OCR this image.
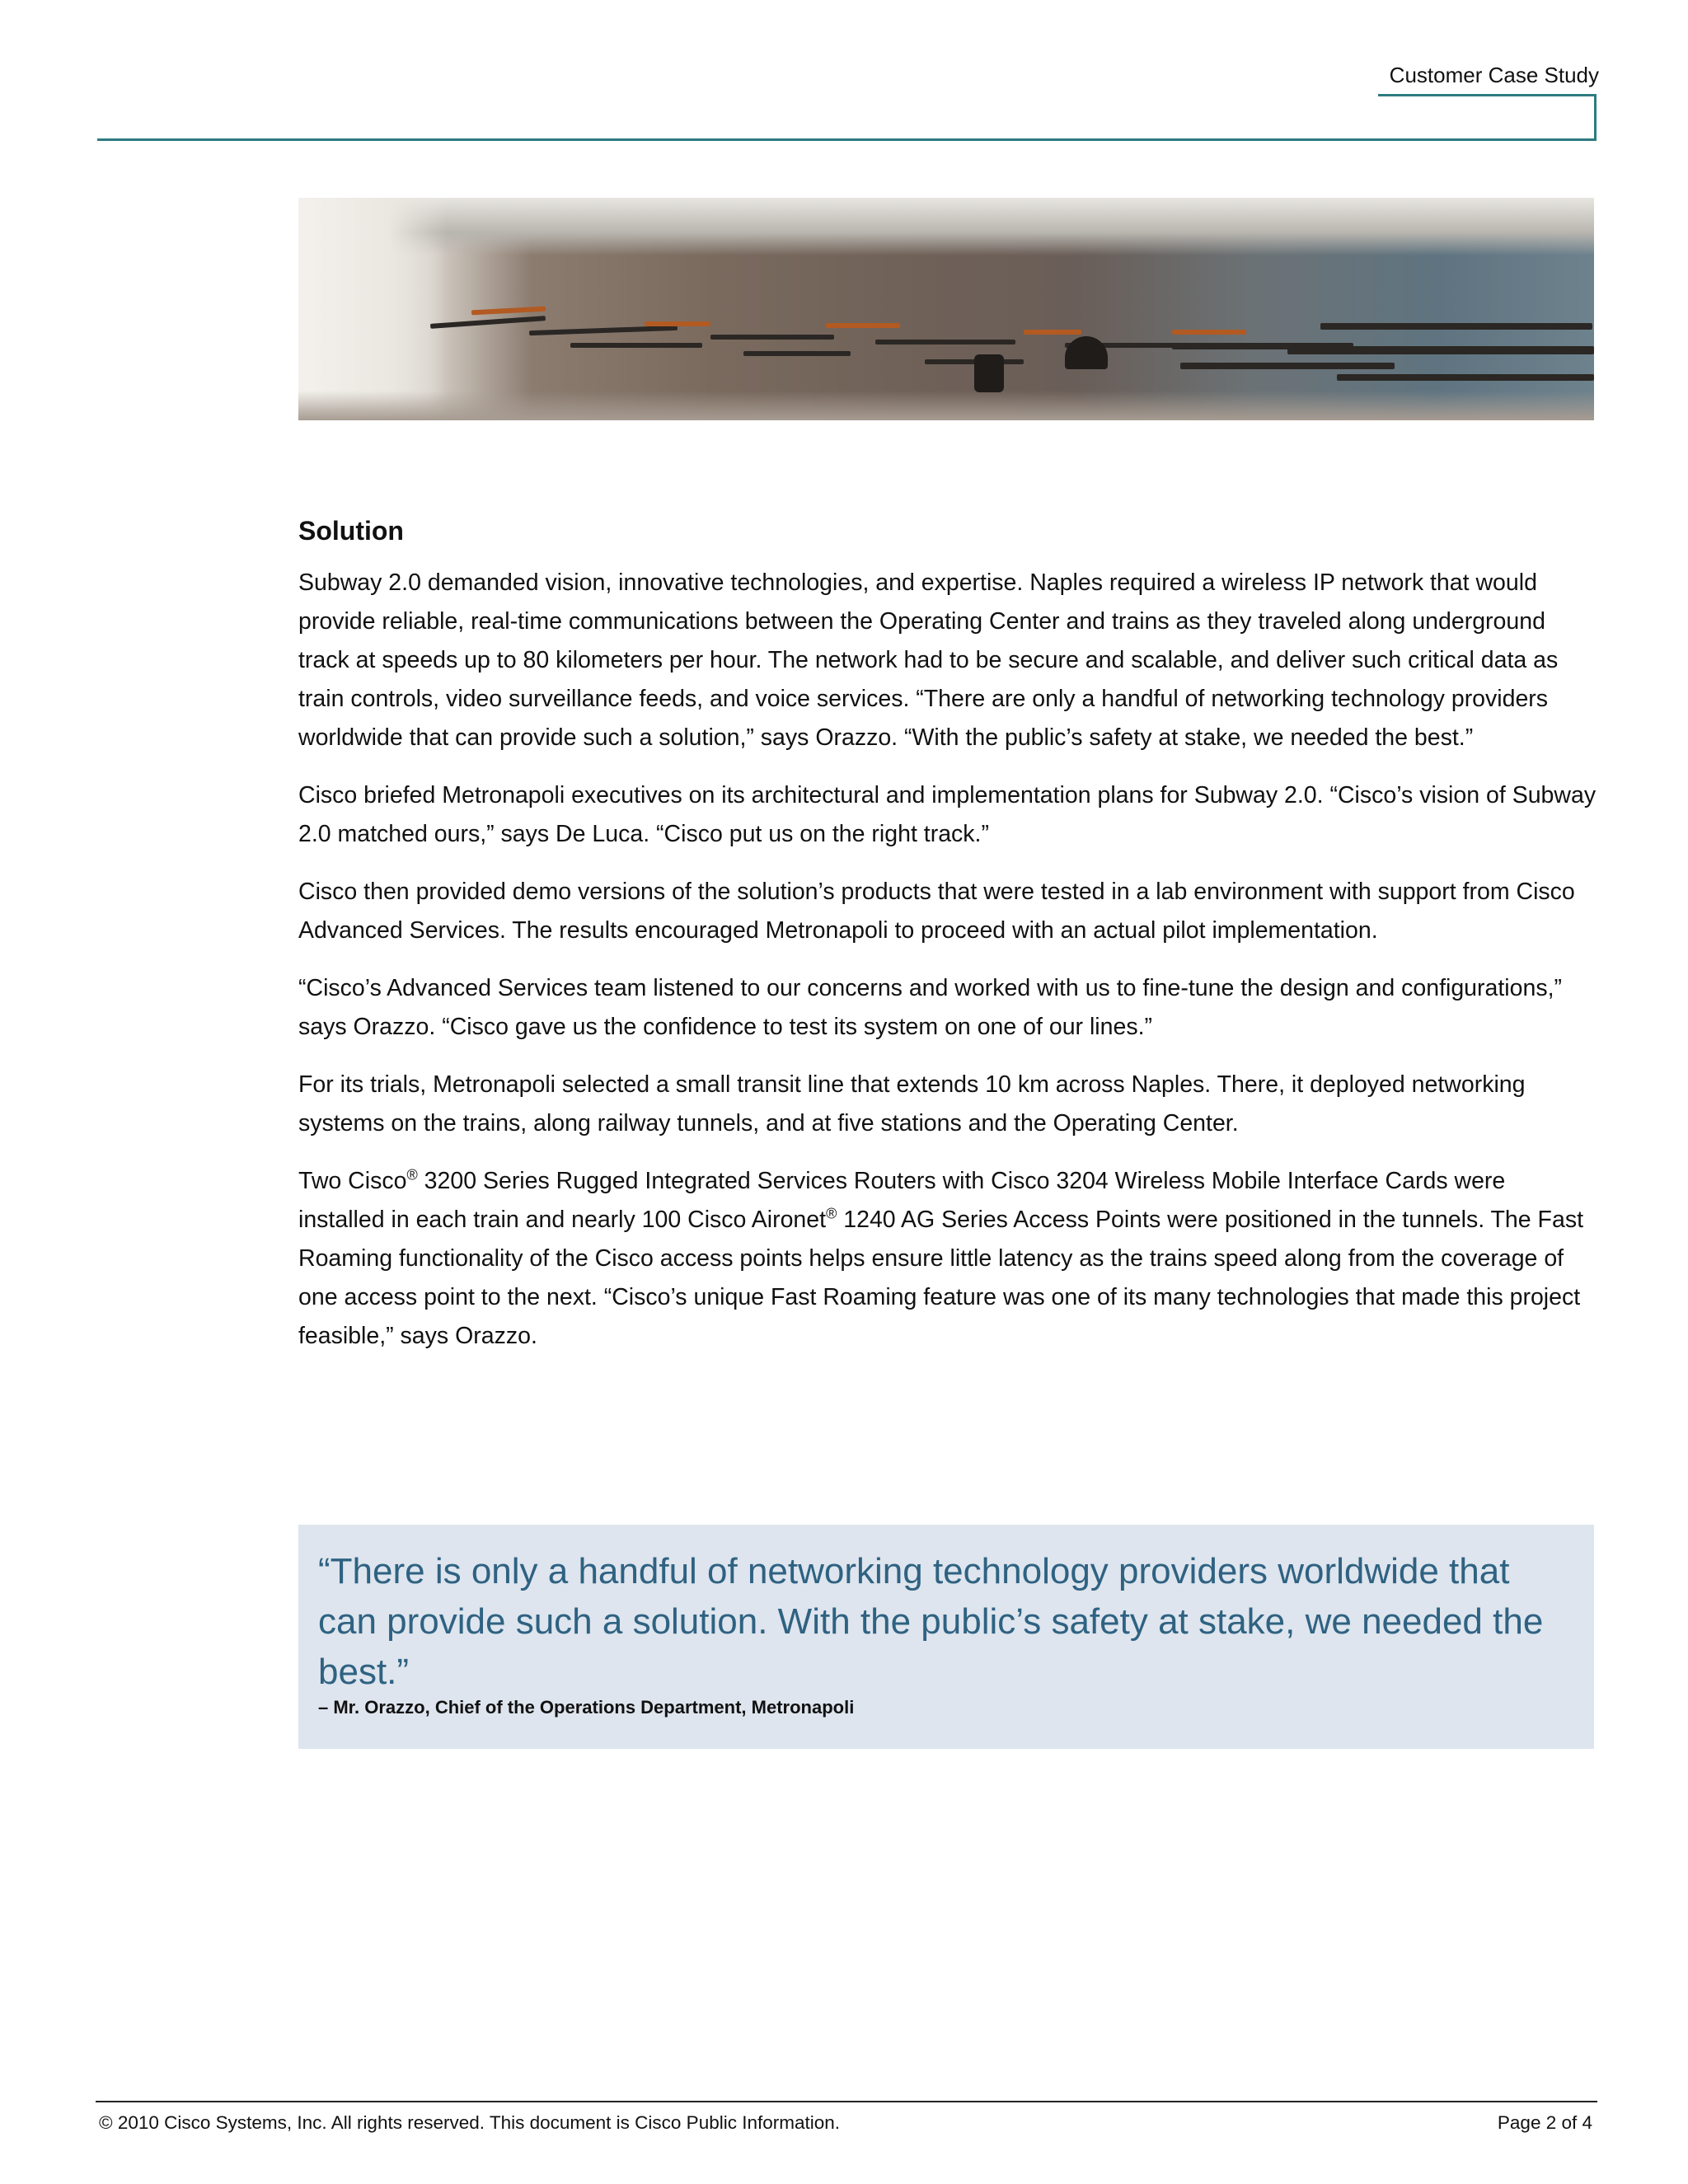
Customer Case Study
Solution

Subway 2.0 demanded vision, innovative technologies, and expertise. Naples required a wireless IP network that would provide reliable, real-time communications between the Operating Center and trains as they traveled along underground track at speeds up to 80 kilometers per hour. The network had to be secure and scalable, and deliver such critical data as train controls, video surveillance feeds, and voice services. “There are only a handful of networking technology providers worldwide that can provide such a solution,” says Orazzo. “With the public’s safety at stake, we needed the best.”

Cisco briefed Metronapoli executives on its architectural and implementation plans for Subway 2.0. “Cisco’s vision of Subway 2.0 matched ours,” says De Luca. “Cisco put us on the right track.”

Cisco then provided demo versions of the solution’s products that were tested in a lab environment with support from Cisco Advanced Services. The results encouraged Metronapoli to proceed with an actual pilot implementation.

“Cisco’s Advanced Services team listened to our concerns and worked with us to fine-tune the design and configurations,” says Orazzo. “Cisco gave us the confidence to test its system on one of our lines.”

For its trials, Metronapoli selected a small transit line that extends 10 km across Naples. There, it deployed networking systems on the trains, along railway tunnels, and at five stations and the Operating Center.

Two Cisco® 3200 Series Rugged Integrated Services Routers with Cisco 3204 Wireless Mobile Interface Cards were installed in each train and nearly 100 Cisco Aironet® 1240 AG Series Access Points were positioned in the tunnels. The Fast Roaming functionality of the Cisco access points helps ensure little latency as the trains speed along from the coverage of one access point to the next. “Cisco’s unique Fast Roaming feature was one of its many technologies that made this project feasible,” says Orazzo.

“There is only a handful of networking technology providers worldwide that can provide such a solution. With the public’s safety at stake, we needed the best.”
– Mr. Orazzo, Chief of the Operations Department, Metronapoli
© 2010 Cisco Systems, Inc. All rights reserved. This document is Cisco Public Information.	Page 2 of 4
